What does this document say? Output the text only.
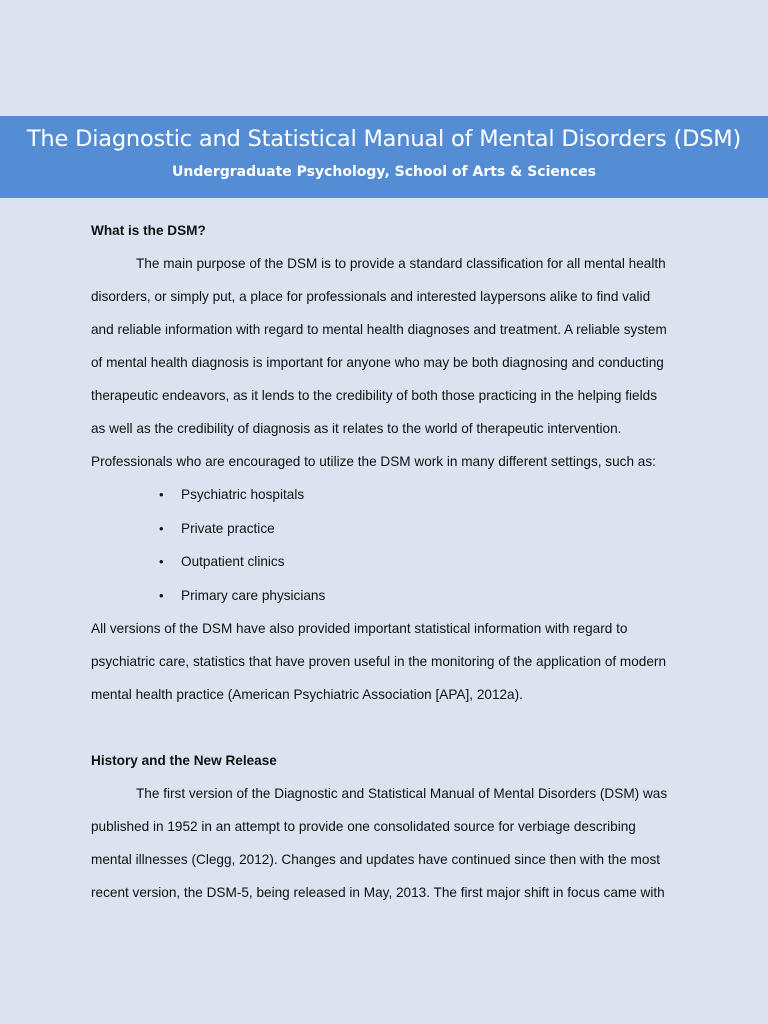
The Diagnostic and Statistical Manual of Mental Disorders (DSM)
Undergraduate Psychology, School of Arts & Sciences
What is the DSM?
The main purpose of the DSM is to provide a standard classification for all mental health
disorders, or simply put, a place for professionals and interested laypersons alike to find valid
and reliable information with regard to mental health diagnoses and treatment. A reliable system
of mental health diagnosis is important for anyone who may be both diagnosing and conducting
therapeutic endeavors, as it lends to the credibility of both those practicing in the helping fields
as well as the credibility of diagnosis as it relates to the world of therapeutic intervention.
Professionals who are encouraged to utilize the DSM work in many different settings, such as:
• Psychiatric hospitals
• Private practice
• Outpatient clinics
• Primary care physicians
All versions of the DSM have also provided important statistical information with regard to
psychiatric care, statistics that have proven useful in the monitoring of the application of modern
mental health practice (American Psychiatric Association [APA], 2012a).
History and the New Release
The first version of the Diagnostic and Statistical Manual of Mental Disorders (DSM) was
published in 1952 in an attempt to provide one consolidated source for verbiage describing
mental illnesses (Clegg, 2012). Changes and updates have continued since then with the most
recent version, the DSM-5, being released in May, 2013. The first major shift in focus came with
